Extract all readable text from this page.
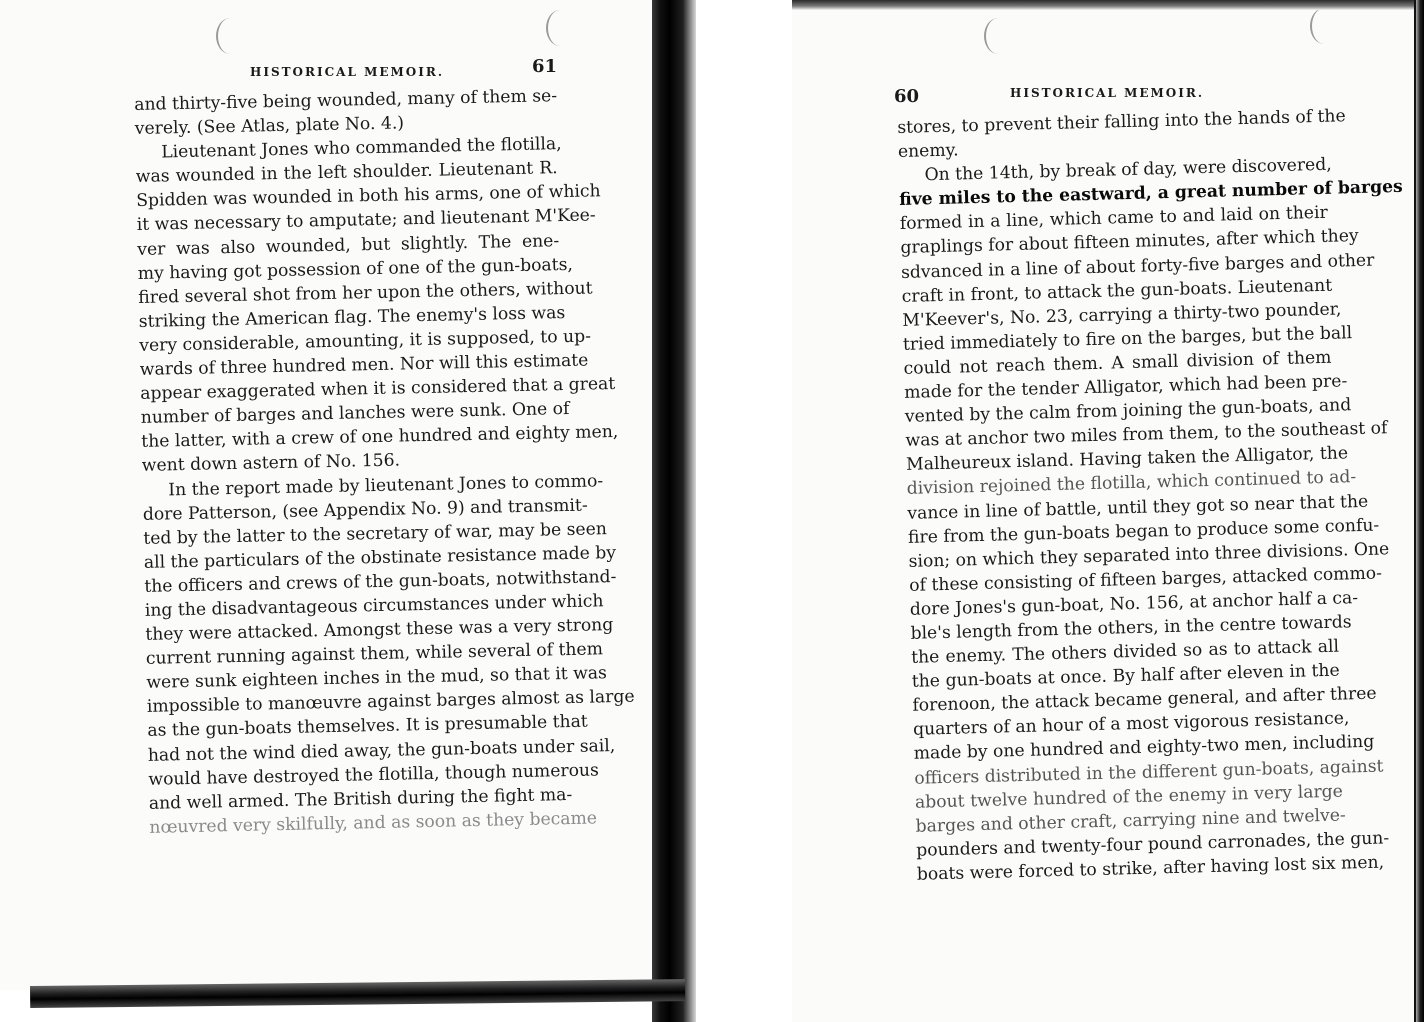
HISTORICAL MEMOIR.	61
and thirty-five being wounded, many of them se-
verely. (See Atlas, plate No. 4.)
Lieutenant Jones who commanded the flotilla,
was wounded in the left shoulder. Lieutenant R.
Spidden was wounded in both his arms, one of which
it was necessary to amputate; and lieutenant M'Kee-
ver was also wounded, but slightly. The ene-
my having got possession of one of the gun-boats,
fired several shot from her upon the others, without
striking the American flag. The enemy's loss was
very considerable, amounting, it is supposed, to up-
wards of three hundred men. Nor will this estimate
appear exaggerated when it is considered that a great
number of barges and lanches were sunk. One of
the latter, with a crew of one hundred and eighty men,
went down astern of No. 156.
In the report made by lieutenant Jones to commo-
dore Patterson, (see Appendix No. 9) and transmit-
ted by the latter to the secretary of war, may be seen
all the particulars of the obstinate resistance made by
the officers and crews of the gun-boats, notwithstand-
ing the disadvantageous circumstances under which
they were attacked. Amongst these was a very strong
current running against them, while several of them
were sunk eighteen inches in the mud, so that it was
impossible to manœuvre against barges almost as large
as the gun-boats themselves. It is presumable that
had not the wind died away, the gun-boats under sail,
would have destroyed the flotilla, though numerous
and well armed. The British during the fight ma-
nœuvred very skilfully, and as soon as they became
60	HISTORICAL MEMOIR.
stores, to prevent their falling into the hands of the
enemy.
On the 14th, by break of day, were discovered,
five miles to the eastward, a great number of barges
formed in a line, which came to and laid on their
graplings for about fifteen minutes, after which they
sdvanced in a line of about forty-five barges and other
craft in front, to attack the gun-boats. Lieutenant
M'Keever's, No. 23, carrying a thirty-two pounder,
tried immediately to fire on the barges, but the ball
could not reach them. A small division of them
made for the tender Alligator, which had been pre-
vented by the calm from joining the gun-boats, and
was at anchor two miles from them, to the southeast of
Malheureux island. Having taken the Alligator, the
division rejoined the flotilla, which continued to ad-
vance in line of battle, until they got so near that the
fire from the gun-boats began to produce some confu-
sion; on which they separated into three divisions. One
of these consisting of fifteen barges, attacked commo-
dore Jones's gun-boat, No. 156, at anchor half a ca-
ble's length from the others, in the centre towards
the enemy. The others divided so as to attack all
the gun-boats at once. By half after eleven in the
forenoon, the attack became general, and after three
quarters of an hour of a most vigorous resistance,
made by one hundred and eighty-two men, including
officers distributed in the different gun-boats, against
about twelve hundred of the enemy in very large
barges and other craft, carrying nine and twelve-
pounders and twenty-four pound carronades, the gun-
boats were forced to strike, after having lost six men,
